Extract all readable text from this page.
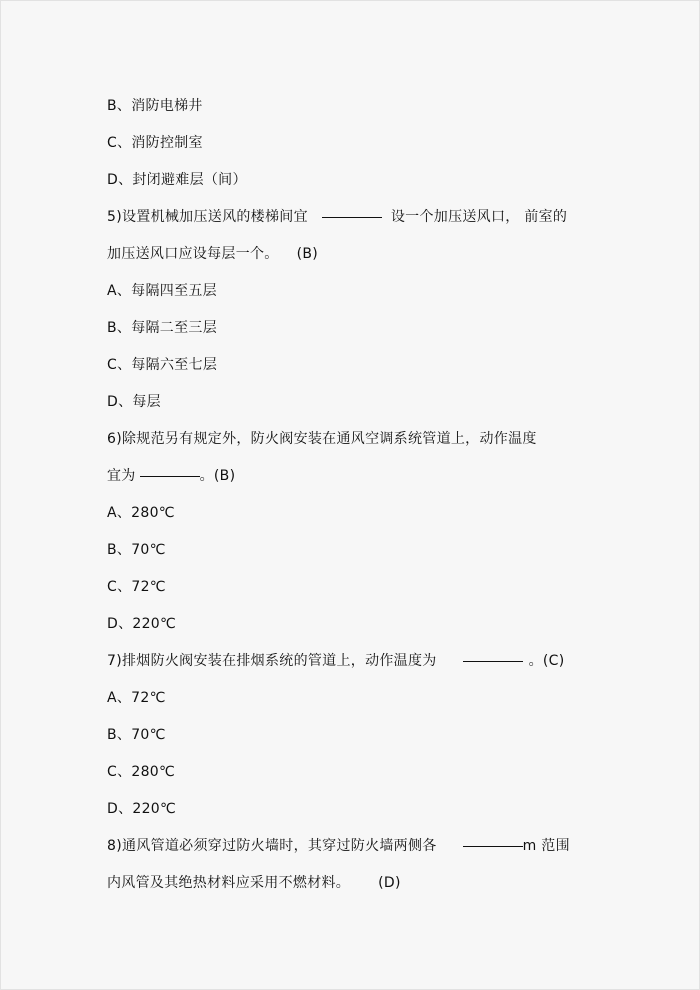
B、消防电梯井
C、消防控制室
D、封闭避难层（间）
5)设置机械加压送风的楼梯间宜	设一个加压送风口， 前室的
加压送风口应设每层一个。 (B)
A、每隔四至五层
B、每隔二至三层
C、每隔六至七层
D、每层
6)除规范另有规定外，防火阀安装在通风空调系统管道上，动作温度
宜为	。(B)
A、280℃
B、70℃
C、72℃
D、220℃
7)排烟防火阀安装在排烟系统的管道上，动作温度为	。(C)
A、72℃
B、70℃
C、280℃
D、220℃
8)通风管道必须穿过防火墙时，其穿过防火墙两侧各	m 范围
内风管及其绝热材料应采用不燃材料。 (D)
